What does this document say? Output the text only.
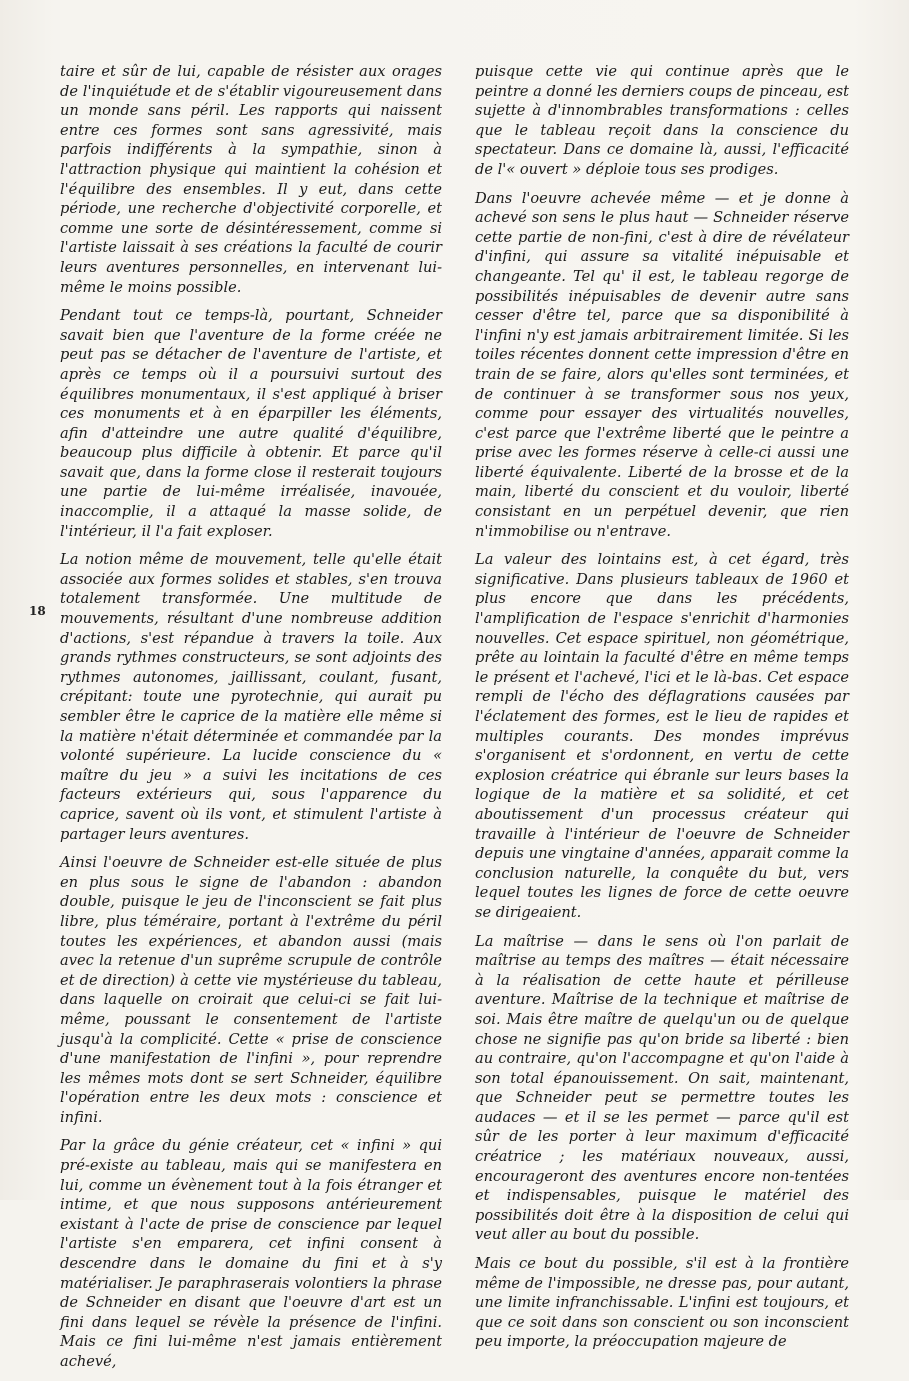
taire et sûr de lui, capable de résister aux orages de l'inquiétude et de s'établir vigoureusement dans un monde sans péril. Les rapports qui naissent entre ces formes sont sans agressivité, mais parfois indifférents à la sympathie, sinon à l'attraction physique qui maintient la cohésion et l'équilibre des ensembles. Il y eut, dans cette période, une recherche d'objectivité corporelle, et comme une sorte de désintéressement, comme si l'artiste laissait à ses créations la faculté de courir leurs aventures personnelles, en intervenant lui-même le moins possible.

Pendant tout ce temps-là, pourtant, Schneider savait bien que l'aventure de la forme créée ne peut pas se détacher de l'aventure de l'artiste, et après ce temps où il a poursuivi surtout des équilibres monumentaux, il s'est appliqué à briser ces monuments et à en éparpiller les éléments, afin d'atteindre une autre qualité d'équilibre, beaucoup plus difficile à obtenir. Et parce qu'il savait que, dans la forme close il resterait toujours une partie de lui-même irréalisée, inavouée, inaccomplie, il a attaqué la masse solide, de l'intérieur, il l'a fait exploser.

La notion même de mouvement, telle qu'elle était associée aux formes solides et stables, s'en trouva totalement transformée. Une multitude de mouvements, résultant d'une nombreuse addition d'actions, s'est répandue à travers la toile. Aux grands rythmes constructeurs, se sont adjoints des rythmes autonomes, jaillissant, coulant, fusant, crépitant: toute une pyrotechnie, qui aurait pu sembler être le caprice de la matière elle même si la matière n'était déterminée et commandée par la volonté supérieure. La lucide conscience du « maître du jeu » a suivi les incitations de ces facteurs extérieurs qui, sous l'apparence du caprice, savent où ils vont, et stimulent l'artiste à partager leurs aventures.

Ainsi l'oeuvre de Schneider est-elle située de plus en plus sous le signe de l'abandon : abandon double, puisque le jeu de l'inconscient se fait plus libre, plus téméraire, portant à l'extrême du péril toutes les expériences, et abandon aussi (mais avec la retenue d'un suprême scrupule de contrôle et de direction) à cette vie mystérieuse du tableau, dans laquelle on croirait que celui-ci se fait lui-même, poussant le consentement de l'artiste jusqu'à la complicité. Cette « prise de conscience d'une manifestation de l'infini », pour reprendre les mêmes mots dont se sert Schneider, équilibre l'opération entre les deux mots : conscience et infini.

Par la grâce du génie créateur, cet « infini » qui pré-existe au tableau, mais qui se manifestera en lui, comme un évènement tout à la fois étranger et intime, et que nous supposons antérieurement existant à l'acte de prise de conscience par lequel l'artiste s'en emparera, cet infini consent à descendre dans le domaine du fini et à s'y matérialiser. Je paraphraserais volontiers la phrase de Schneider en disant que l'oeuvre d'art est un fini dans lequel se révèle la présence de l'infini. Mais ce fini lui-même n'est jamais entièrement achevé,

18

puisque cette vie qui continue après que le peintre a donné les derniers coups de pinceau, est sujette à d'innombrables transformations : celles que le tableau reçoit dans la conscience du spectateur. Dans ce domaine là, aussi, l'efficacité de l'« ouvert » déploie tous ses prodiges.

Dans l'oeuvre achevée même — et je donne à achevé son sens le plus haut — Schneider réserve cette partie de non-fini, c'est à dire de révélateur d'infini, qui assure sa vitalité inépuisable et changeante. Tel qu' il est, le tableau regorge de possibilités inépuisables de devenir autre sans cesser d'être tel, parce que sa disponibilité à l'infini n'y est jamais arbitrairement limitée. Si les toiles récentes donnent cette impression d'être en train de se faire, alors qu'elles sont terminées, et de continuer à se transformer sous nos yeux, comme pour essayer des virtualités nouvelles, c'est parce que l'extrême liberté que le peintre a prise avec les formes réserve à celle-ci aussi une liberté équivalente. Liberté de la brosse et de la main, liberté du conscient et du vouloir, liberté consistant en un perpétuel devenir, que rien n'immobilise ou n'entrave.

La valeur des lointains est, à cet égard, très significative. Dans plusieurs tableaux de 1960 et plus encore que dans les précédents, l'amplification de l'espace s'enrichit d'harmonies nouvelles. Cet espace spirituel, non géométrique, prête au lointain la faculté d'être en même temps le présent et l'achevé, l'ici et le là-bas. Cet espace rempli de l'écho des déflagrations causées par l'éclatement des formes, est le lieu de rapides et multiples courants. Des mondes imprévus s'organisent et s'ordonnent, en vertu de cette explosion créatrice qui ébranle sur leurs bases la logique de la matière et sa solidité, et cet aboutissement d'un processus créateur qui travaille à l'intérieur de l'oeuvre de Schneider depuis une vingtaine d'années, apparait comme la conclusion naturelle, la conquête du but, vers lequel toutes les lignes de force de cette oeuvre se dirigeaient.

La maîtrise — dans le sens où l'on parlait de maîtrise au temps des maîtres — était nécessaire à la réalisation de cette haute et périlleuse aventure. Maîtrise de la technique et maîtrise de soi. Mais être maître de quelqu'un ou de quelque chose ne signifie pas qu'on bride sa liberté : bien au contraire, qu'on l'accompagne et qu'on l'aide à son total épanouissement. On sait, maintenant, que Schneider peut se permettre toutes les audaces — et il se les permet — parce qu'il est sûr de les porter à leur maximum d'efficacité créatrice ; les matériaux nouveaux, aussi, encourageront des aventures encore non-tentées et indispensables, puisque le matériel des possibilités doit être à la disposition de celui qui veut aller au bout du possible.

Mais ce bout du possible, s'il est à la frontière même de l'impossible, ne dresse pas, pour autant, une limite infranchissable. L'infini est toujours, et que ce soit dans son conscient ou son inconscient peu importe, la préoccupation majeure de
